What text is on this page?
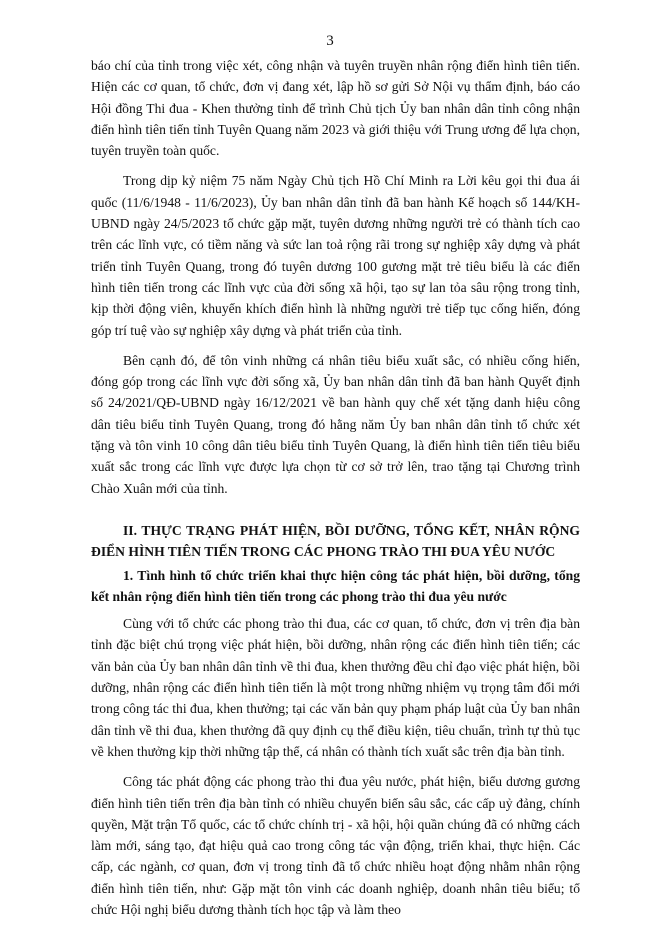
3

báo chí của tỉnh trong việc xét, công nhận và tuyên truyền nhân rộng điển hình tiên tiến. Hiện các cơ quan, tổ chức, đơn vị đang xét, lập hồ sơ gửi Sở Nội vụ thẩm định, báo cáo Hội đồng Thi đua - Khen thưởng tỉnh để trình Chủ tịch Ủy ban nhân dân tỉnh công nhận điển hình tiên tiến tỉnh Tuyên Quang năm 2023 và giới thiệu với Trung ương để lựa chọn, tuyên truyền toàn quốc.

Trong dịp kỷ niệm 75 năm Ngày Chủ tịch Hồ Chí Minh ra Lời kêu gọi thi đua ái quốc (11/6/1948 - 11/6/2023), Ủy ban nhân dân tỉnh đã ban hành Kế hoạch số 144/KH-UBND ngày 24/5/2023 tổ chức gặp mặt, tuyên dương những người trẻ có thành tích cao trên các lĩnh vực, có tiềm năng và sức lan toả rộng rãi trong sự nghiệp xây dựng và phát triển tỉnh Tuyên Quang, trong đó tuyên dương 100 gương mặt trẻ tiêu biểu là các điển hình tiên tiến trong các lĩnh vực của đời sống xã hội, tạo sự lan tỏa sâu rộng trong tỉnh, kịp thời động viên, khuyến khích điển hình là những người trẻ tiếp tục cống hiến, đóng góp trí tuệ vào sự nghiệp xây dựng và phát triển của tỉnh.

Bên cạnh đó, để tôn vinh những cá nhân tiêu biểu xuất sắc, có nhiều cống hiến, đóng góp trong các lĩnh vực đời sống xã, Ủy ban nhân dân tỉnh đã ban hành Quyết định số 24/2021/QĐ-UBND ngày 16/12/2021 về ban hành quy chế xét tặng danh hiệu công dân tiêu biểu tỉnh Tuyên Quang, trong đó hằng năm Ủy ban nhân dân tỉnh tổ chức xét tặng và tôn vinh 10 công dân tiêu biểu tỉnh Tuyên Quang, là điển hình tiên tiến tiêu biểu xuất sắc trong các lĩnh vực được lựa chọn từ cơ sở trở lên, trao tặng tại Chương trình Chào Xuân mới của tỉnh.

II. THỰC TRẠNG PHÁT HIỆN, BỒI DƯỠNG, TỔNG KẾT, NHÂN RỘNG ĐIỂN HÌNH TIÊN TIẾN TRONG CÁC PHONG TRÀO THI ĐUA YÊU NƯỚC
1. Tình hình tổ chức triển khai thực hiện công tác phát hiện, bồi dưỡng, tổng kết nhân rộng điển hình tiên tiến trong các phong trào thi đua yêu nước

Cùng với tổ chức các phong trào thi đua, các cơ quan, tổ chức, đơn vị trên địa bàn tỉnh đặc biệt chú trọng việc phát hiện, bồi dưỡng, nhân rộng các điển hình tiên tiến; các văn bản của Ủy ban nhân dân tỉnh về thi đua, khen thưởng đều chỉ đạo việc phát hiện, bồi dưỡng, nhân rộng các điển hình tiên tiến là một trong những nhiệm vụ trọng tâm đổi mới trong công tác thi đua, khen thưởng; tại các văn bản quy phạm pháp luật của Ủy ban nhân dân tỉnh về thi đua, khen thưởng đã quy định cụ thể điều kiện, tiêu chuẩn, trình tự thủ tục về khen thưởng kịp thời những tập thể, cá nhân có thành tích xuất sắc trên địa bàn tỉnh.

Công tác phát động các phong trào thi đua yêu nước, phát hiện, biểu dương gương điển hình tiên tiến trên địa bàn tỉnh có nhiều chuyển biến sâu sắc, các cấp uỷ đảng, chính quyền, Mặt trận Tổ quốc, các tổ chức chính trị - xã hội, hội quần chúng đã có những cách làm mới, sáng tạo, đạt hiệu quả cao trong công tác vận động, triển khai, thực hiện. Các cấp, các ngành, cơ quan, đơn vị trong tỉnh đã tổ chức nhiều hoạt động nhằm nhân rộng điển hình tiên tiến, như: Gặp mặt tôn vinh các doanh nghiệp, doanh nhân tiêu biểu; tổ chức Hội nghị biểu dương thành tích học tập và làm theo
